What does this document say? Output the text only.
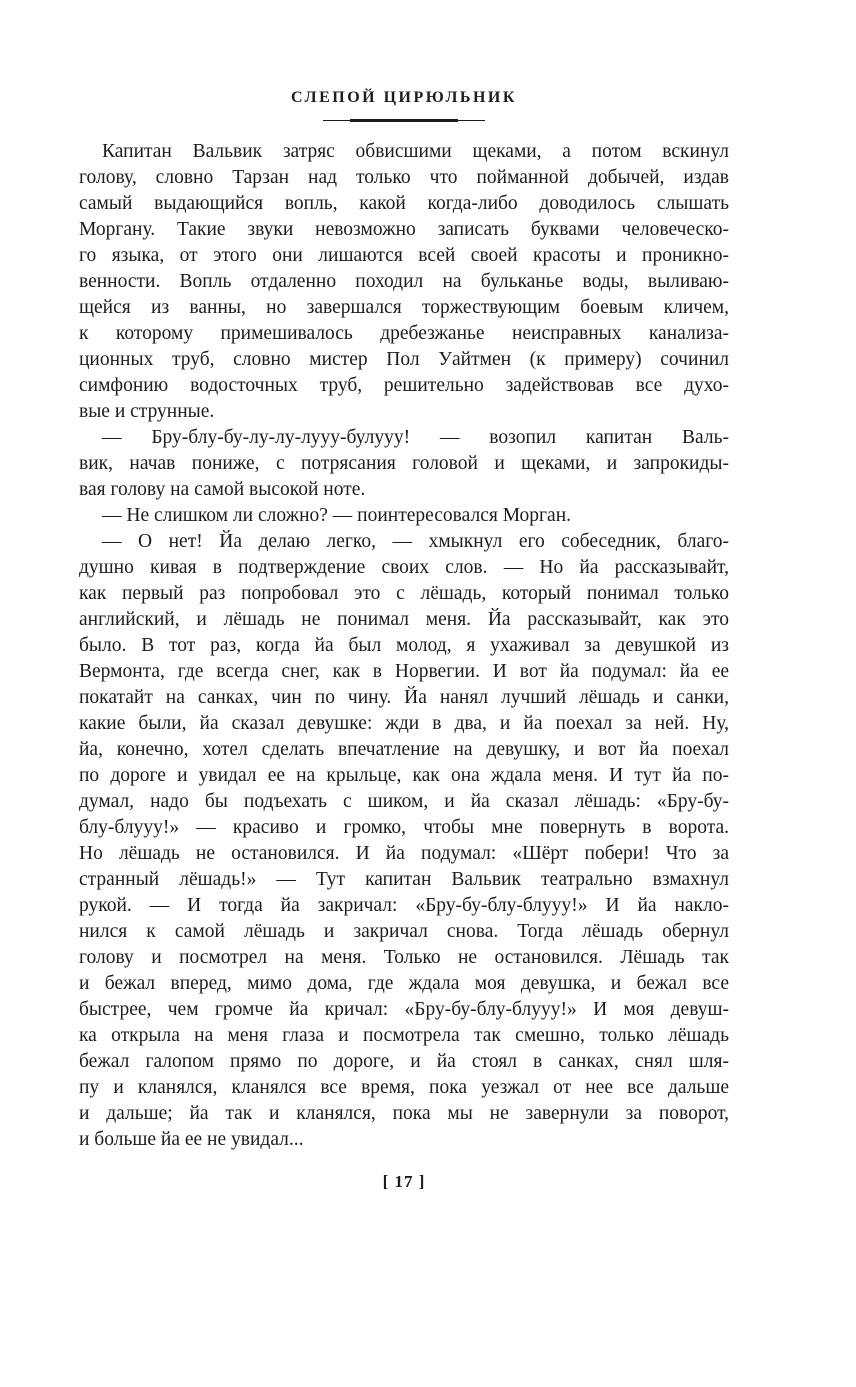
СЛЕПОЙ ЦИРЮЛЬНИК
Капитан Вальвик затряс обвисшими щеками, а потом вскинул
голову, словно Тарзан над только что пойманной добычей, издав
самый выдающийся вопль, какой когда-либо доводилось слышать
Моргану. Такие звуки невозможно записать буквами человеческо-
го языка, от этого они лишаются всей своей красоты и проникно-
венности. Вопль отдаленно походил на бульканье воды, выливаю-
щейся из ванны, но завершался торжествующим боевым кличем,
к которому примешивалось дребезжанье неисправных канализа-
ционных труб, словно мистер Пол Уайтмен (к примеру) сочинил
симфонию водосточных труб, решительно задействовав все духо-
вые и струнные.
— Бру-блу-бу-лу-лу-лууу-булууу! — возопил капитан Валь-
вик, начав пониже, с потрясания головой и щеками, и запрокиды-
вая голову на самой высокой ноте.
— Не слишком ли сложно? — поинтересовался Морган.
— О нет! Йа делаю легко, — хмыкнул его собеседник, благо-
душно кивая в подтверждение своих слов. — Но йа рассказывайт,
как первый раз попробовал это с лёшадь, который понимал только
английский, и лёшадь не понимал меня. Йа рассказывайт, как это
было. В тот раз, когда йа был молод, я ухаживал за девушкой из
Вермонта, где всегда снег, как в Норвегии. И вот йа подумал: йа ее
покатайт на санках, чин по чину. Йа нанял лучший лёшадь и санки,
какие были, йа сказал девушке: жди в два, и йа поехал за ней. Ну,
йа, конечно, хотел сделать впечатление на девушку, и вот йа поехал
по дороге и увидал ее на крыльце, как она ждала меня. И тут йа по-
думал, надо бы подъехать с шиком, и йа сказал лёшадь: «Бру-бу-
блу-блууу!» — красиво и громко, чтобы мне повернуть в ворота.
Но лёшадь не остановился. И йа подумал: «Шёрт побери! Что за
странный лёшадь!» — Тут капитан Вальвик театрально взмахнул
рукой. — И тогда йа закричал: «Бру-бу-блу-блууу!» И йа накло-
нился к самой лёшадь и закричал снова. Тогда лёшадь обернул
голову и посмотрел на меня. Только не остановился. Лёшадь так
и бежал вперед, мимо дома, где ждала моя девушка, и бежал все
быстрее, чем громче йа кричал: «Бру-бу-блу-блууу!» И моя девуш-
ка открыла на меня глаза и посмотрела так смешно, только лёшадь
бежал галопом прямо по дороге, и йа стоял в санках, снял шля-
пу и кланялся, кланялся все время, пока уезжал от нее все дальше
и дальше; йа так и кланялся, пока мы не завернули за поворот,
и больше йа ее не увидал...
[ 17 ]
